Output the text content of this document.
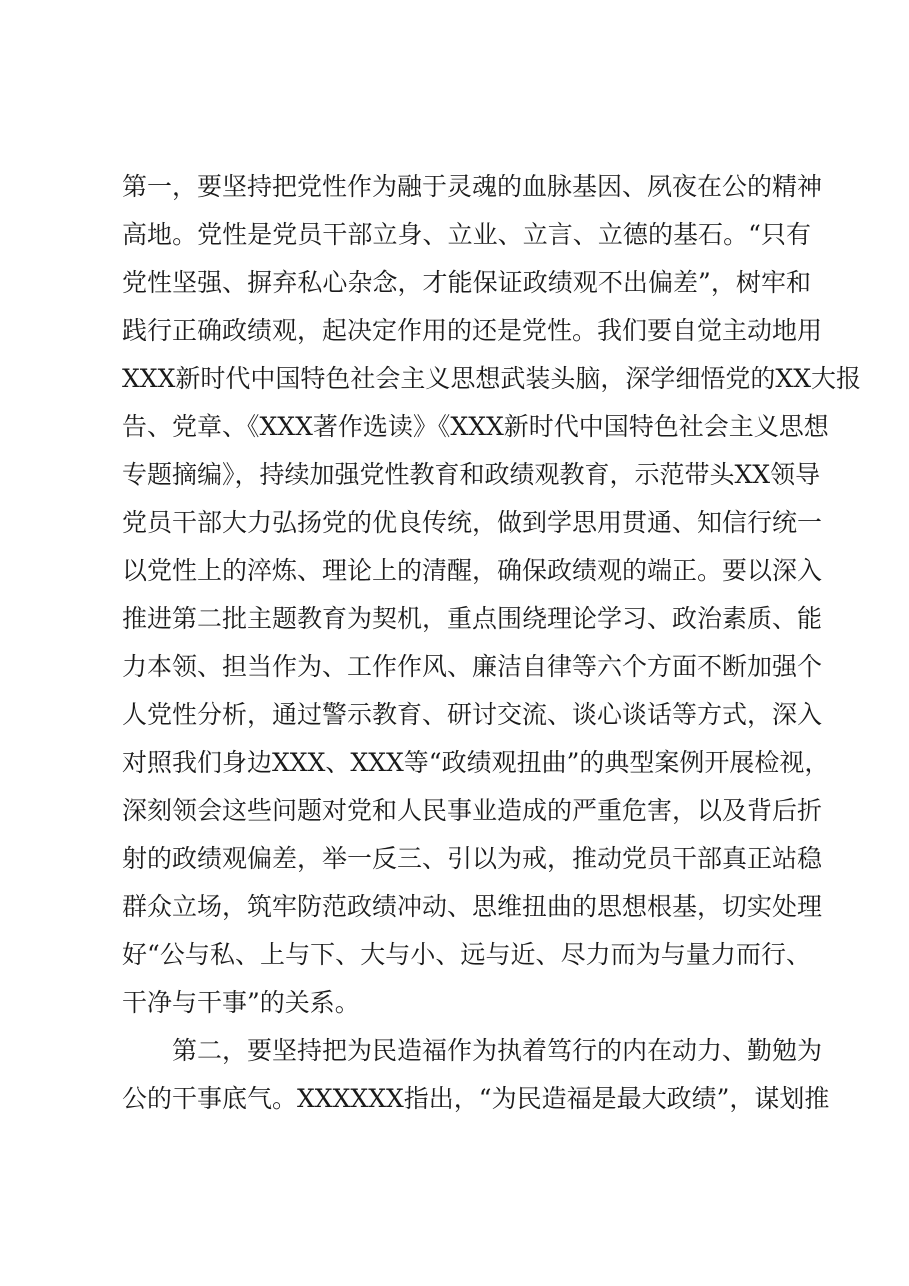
第一，要坚持把党性作为融于灵魂的血脉基因、夙夜在公的精神
高地。党性是党员干部立身、立业、立言、立德的基石。“只有
党性坚强、摒弃私心杂念，才能保证政绩观不出偏差”，树牢和
践行正确政绩观，起决定作用的还是党性。我们要自觉主动地用
XXX新时代中国特色社会主义思想武装头脑，深学细悟党的XX大报
告、党章、《XXX著作选读》《XXX新时代中国特色社会主义思想
专题摘编》，持续加强党性教育和政绩观教育，示范带头XX领导
党员干部大力弘扬党的优良传统，做到学思用贯通、知信行统一
以党性上的淬炼、理论上的清醒，确保政绩观的端正。要以深入
推进第二批主题教育为契机，重点围绕理论学习、政治素质、能
力本领、担当作为、工作作风、廉洁自律等六个方面不断加强个
人党性分析，通过警示教育、研讨交流、谈心谈话等方式，深入
对照我们身边XXX、XXX等“政绩观扭曲”的典型案例开展检视，
深刻领会这些问题对党和人民事业造成的严重危害，以及背后折
射的政绩观偏差，举一反三、引以为戒，推动党员干部真正站稳
群众立场，筑牢防范政绩冲动、思维扭曲的思想根基，切实处理
好“公与私、上与下、大与小、远与近、尽力而为与量力而行、
干净与干事”的关系。
第二，要坚持把为民造福作为执着笃行的内在动力、勤勉为
公的干事底气。XXXXXX指出，“为民造福是最大政绩”，谋划推
